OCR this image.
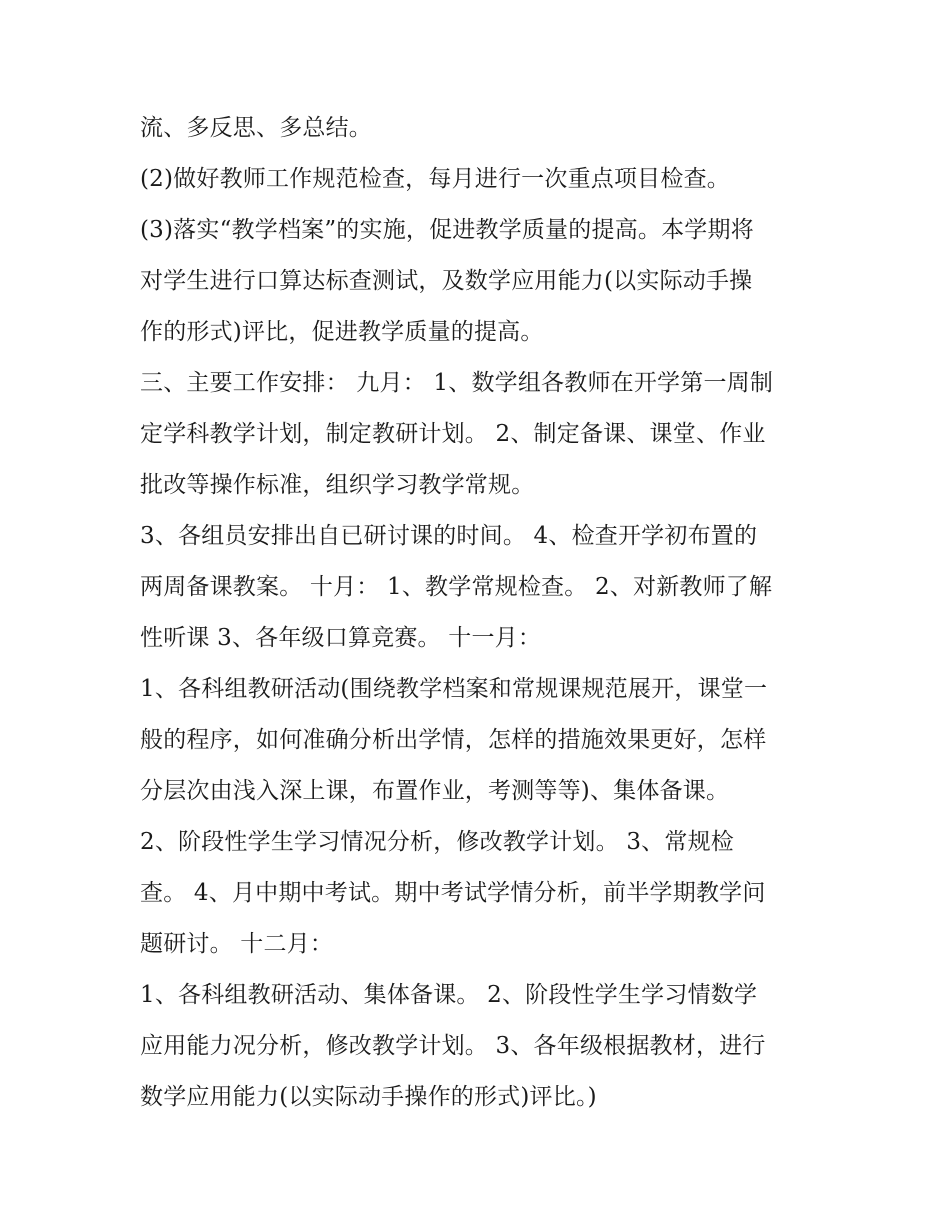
流、多反思、多总结。
(2)做好教师工作规范检查，每月进行一次重点项目检查。
(3)落实“教学档案”的实施，促进教学质量的提高。本学期将
对学生进行口算达标查测试，及数学应用能力(以实际动手操
作的形式)评比，促进教学质量的提高。
三、主要工作安排： 九月： 1、数学组各教师在开学第一周制
定学科教学计划，制定教研计划。 2、制定备课、课堂、作业
批改等操作标准，组织学习教学常规。
3、各组员安排出自已研讨课的时间。 4、检查开学初布置的
两周备课教案。 十月： 1、教学常规检查。 2、对新教师了解
性听课 3、各年级口算竞赛。 十一月：
1、各科组教研活动(围绕教学档案和常规课规范展开，课堂一
般的程序，如何准确分析出学情，怎样的措施效果更好，怎样
分层次由浅入深上课，布置作业，考测等等)、集体备课。
2、阶段性学生学习情况分析，修改教学计划。 3、常规检
查。 4、月中期中考试。期中考试学情分析，前半学期教学问
题研讨。 十二月：
1、各科组教研活动、集体备课。 2、阶段性学生学习情数学
应用能力况分析，修改教学计划。 3、各年级根据教材，进行
数学应用能力(以实际动手操作的形式)评比。)
